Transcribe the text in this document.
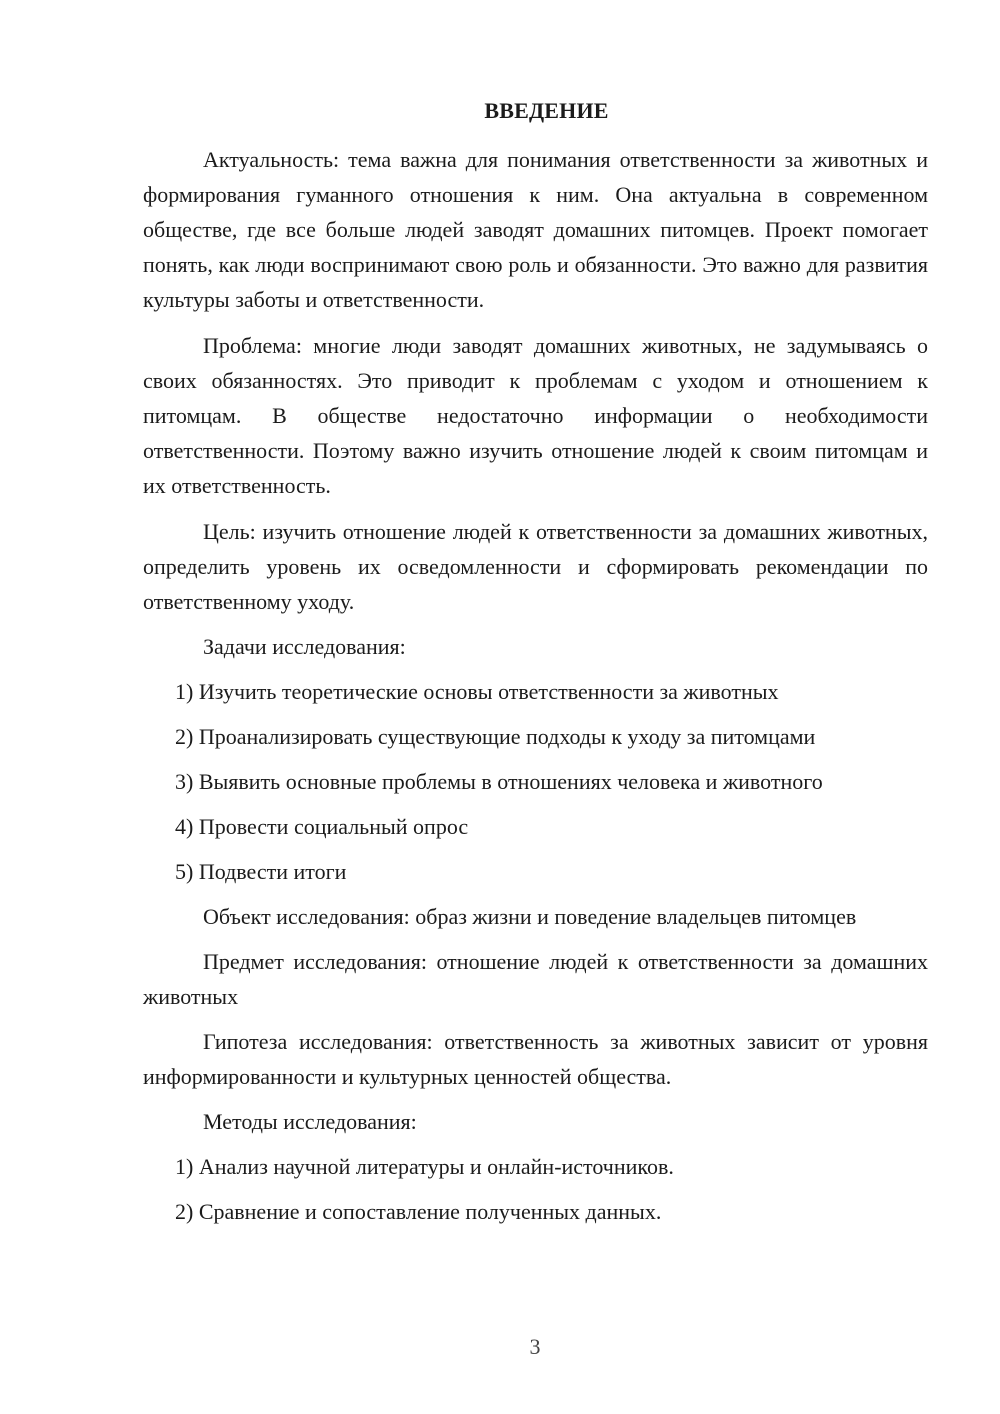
ВВЕДЕНИЕ

Актуальность: тема важна для понимания ответственности за животных и формирования гуманного отношения к ним. Она актуальна в современном обществе, где все больше людей заводят домашних питомцев. Проект помогает понять, как люди воспринимают свою роль и обязанности. Это важно для развития культуры заботы и ответственности.

Проблема: многие люди заводят домашних животных, не задумываясь о своих обязанностях. Это приводит к проблемам с уходом и отношением к питомцам. В обществе недостаточно информации о необходимости ответственности. Поэтому важно изучить отношение людей к своим питомцам и их ответственность.

Цель: изучить отношение людей к ответственности за домашних животных, определить уровень их осведомленности и сформировать рекомендации по ответственному уходу.

Задачи исследования:

1) Изучить теоретические основы ответственности за животных

2) Проанализировать существующие подходы к уходу за питомцами

3) Выявить основные проблемы в отношениях человека и животного

4) Провести социальный опрос

5) Подвести итоги

Объект исследования: образ жизни и поведение владельцев питомцев

Предмет исследования: отношение людей к ответственности за домашних животных

Гипотеза исследования: ответственность за животных зависит от уровня информированности и культурных ценностей общества.

Методы исследования:

1) Анализ научной литературы и онлайн-источников.

2) Сравнение и сопоставление полученных данных.

3
